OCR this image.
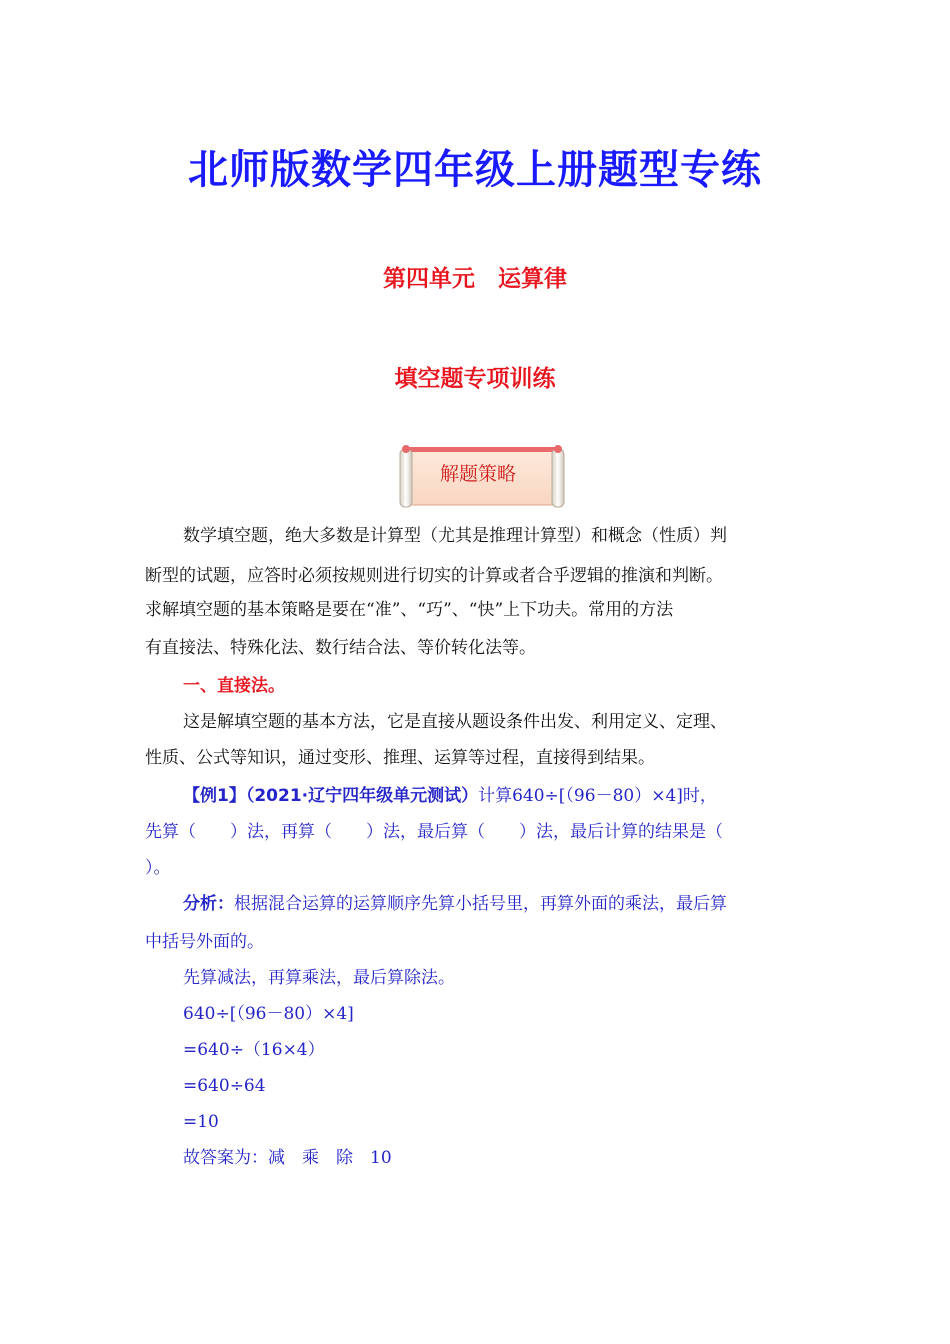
北师版数学四年级上册题型专练
第四单元　运算律
填空题专项训练
解题策略

数学填空题，绝大多数是计算型（尤其是推理计算型）和概念（性质）判

断型的试题，应答时必须按规则进行切实的计算或者合乎逻辑的推演和判断。

求解填空题的基本策略是要在“准”、“巧”、“快”上下功夫。常用的方法

有直接法、特殊化法、数行结合法、等价转化法等。

一、直接法。

这是解填空题的基本方法，它是直接从题设条件出发、利用定义、定理、

性质、公式等知识，通过变形、推理、运算等过程，直接得到结果。

【例1】（2021·辽宁四年级单元测试）计算640÷[（96－80）×4]时，

先算（　　）法，再算（　　）法，最后算（　　）法，最后计算的结果是（

）。

分析：根据混合运算的运算顺序先算小括号里，再算外面的乘法，最后算

中括号外面的。

先算减法，再算乘法，最后算除法。

640÷[（96－80）×4]

=640÷（16×4）

=640÷64

=10

故答案为：减　乘　除　10
